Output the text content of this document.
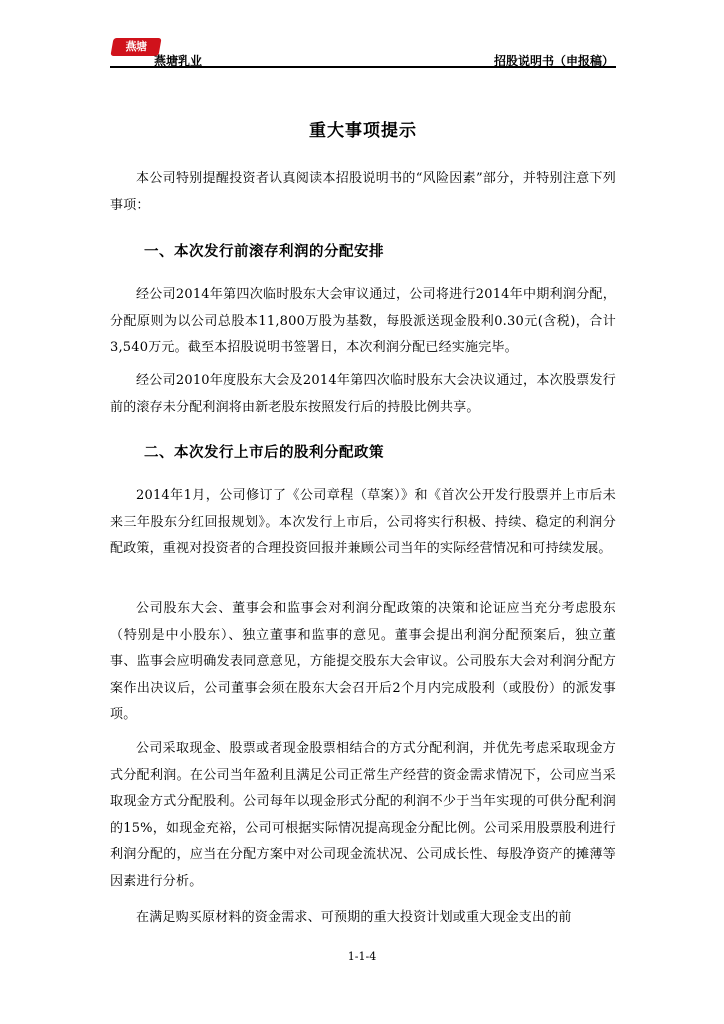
燕塘
燕塘乳业	招股说明书（申报稿）
重大事项提示

本公司特别提醒投资者认真阅读本招股说明书的“风险因素”部分，并特别注意下列事项：

一、本次发行前滚存利润的分配安排

经公司2014年第四次临时股东大会审议通过，公司将进行2014年中期利润分配，分配原则为以公司总股本11,800万股为基数，每股派送现金股利0.30元(含税)，合计3,540万元。截至本招股说明书签署日，本次利润分配已经实施完毕。

经公司2010年度股东大会及2014年第四次临时股东大会决议通过，本次股票发行前的滚存未分配利润将由新老股东按照发行后的持股比例共享。

二、本次发行上市后的股利分配政策

2014年1月，公司修订了《公司章程（草案）》和《首次公开发行股票并上市后未来三年股东分红回报规划》。本次发行上市后，公司将实行积极、持续、稳定的利润分配政策，重视对投资者的合理投资回报并兼顾公司当年的实际经营情况和可持续发展。

公司股东大会、董事会和监事会对利润分配政策的决策和论证应当充分考虑股东（特别是中小股东）、独立董事和监事的意见。董事会提出利润分配预案后，独立董事、监事会应明确发表同意意见，方能提交股东大会审议。公司股东大会对利润分配方案作出决议后，公司董事会须在股东大会召开后2个月内完成股利（或股份）的派发事项。

公司采取现金、股票或者现金股票相结合的方式分配利润，并优先考虑采取现金方式分配利润。在公司当年盈利且满足公司正常生产经营的资金需求情况下，公司应当采取现金方式分配股利。公司每年以现金形式分配的利润不少于当年实现的可供分配利润的15%，如现金充裕，公司可根据实际情况提高现金分配比例。公司采用股票股利进行利润分配的，应当在分配方案中对公司现金流状况、公司成长性、每股净资产的摊薄等因素进行分析。

在满足购买原材料的资金需求、可预期的重大投资计划或重大现金支出的前

1-1-4
